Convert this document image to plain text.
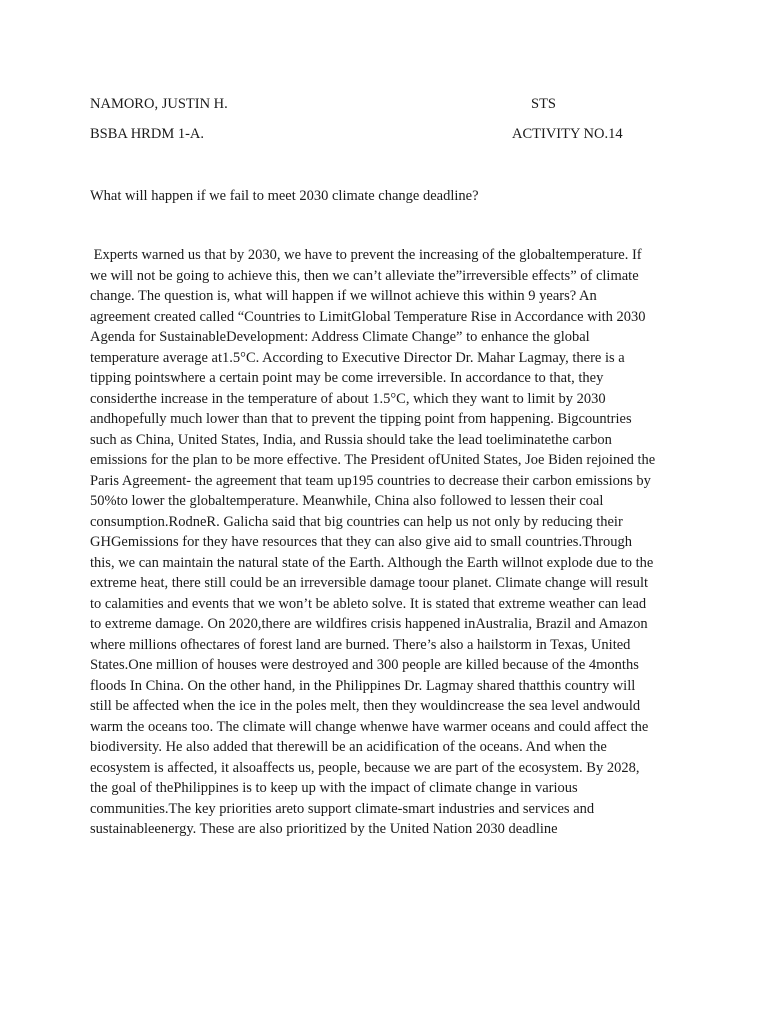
NAMORO, JUSTIN H.	STS
BSBA HRDM 1-A.	ACTIVITY NO.14
What will happen if we fail to meet 2030 climate change deadline?
Experts warned us that by 2030, we have to prevent the increasing of the globaltemperature. If
we will not be going to achieve this, then we can’t alleviate the”irreversible effects” of climate
change. The question is, what will happen if we willnot achieve this within 9 years? An
agreement created called “Countries to LimitGlobal Temperature Rise in Accordance with 2030
Agenda for SustainableDevelopment: Address Climate Change” to enhance the global
temperature average at1.5°C. According to Executive Director Dr. Mahar Lagmay, there is a
tipping pointswhere a certain point may be come irreversible. In accordance to that, they
considerthe increase in the temperature of about 1.5°C, which they want to limit by 2030
andhopefully much lower than that to prevent the tipping point from happening. Bigcountries
such as China, United States, India, and Russia should take the lead toeliminatethe carbon
emissions for the plan to be more effective. The President ofUnited States, Joe Biden rejoined the
Paris Agreement- the agreement that team up195 countries to decrease their carbon emissions by
50%to lower the globaltemperature. Meanwhile, China also followed to lessen their coal
consumption.RodneR. Galicha said that big countries can help us not only by reducing their
GHGemissions for they have resources that they can also give aid to small countries.Through
this, we can maintain the natural state of the Earth. Although the Earth willnot explode due to the
extreme heat, there still could be an irreversible damage toour planet. Climate change will result
to calamities and events that we won’t be ableto solve. It is stated that extreme weather can lead
to extreme damage. On 2020,there are wildfires crisis happened inAustralia, Brazil and Amazon
where millions ofhectares of forest land are burned. There’s also a hailstorm in Texas, United
States.One million of houses were destroyed and 300 people are killed because of the 4months
floods In China. On the other hand, in the Philippines Dr. Lagmay shared thatthis country will
still be affected when the ice in the poles melt, then they wouldincrease the sea level andwould
warm the oceans too. The climate will change whenwe have warmer oceans and could affect the
biodiversity. He also added that therewill be an acidification of the oceans. And when the
ecosystem is affected, it alsoaffects us, people, because we are part of the ecosystem. By 2028,
the goal of thePhilippines is to keep up with the impact of climate change in various
communities.The key priorities areto support climate-smart industries and services and
sustainableenergy. These are also prioritized by the United Nation 2030 deadline
